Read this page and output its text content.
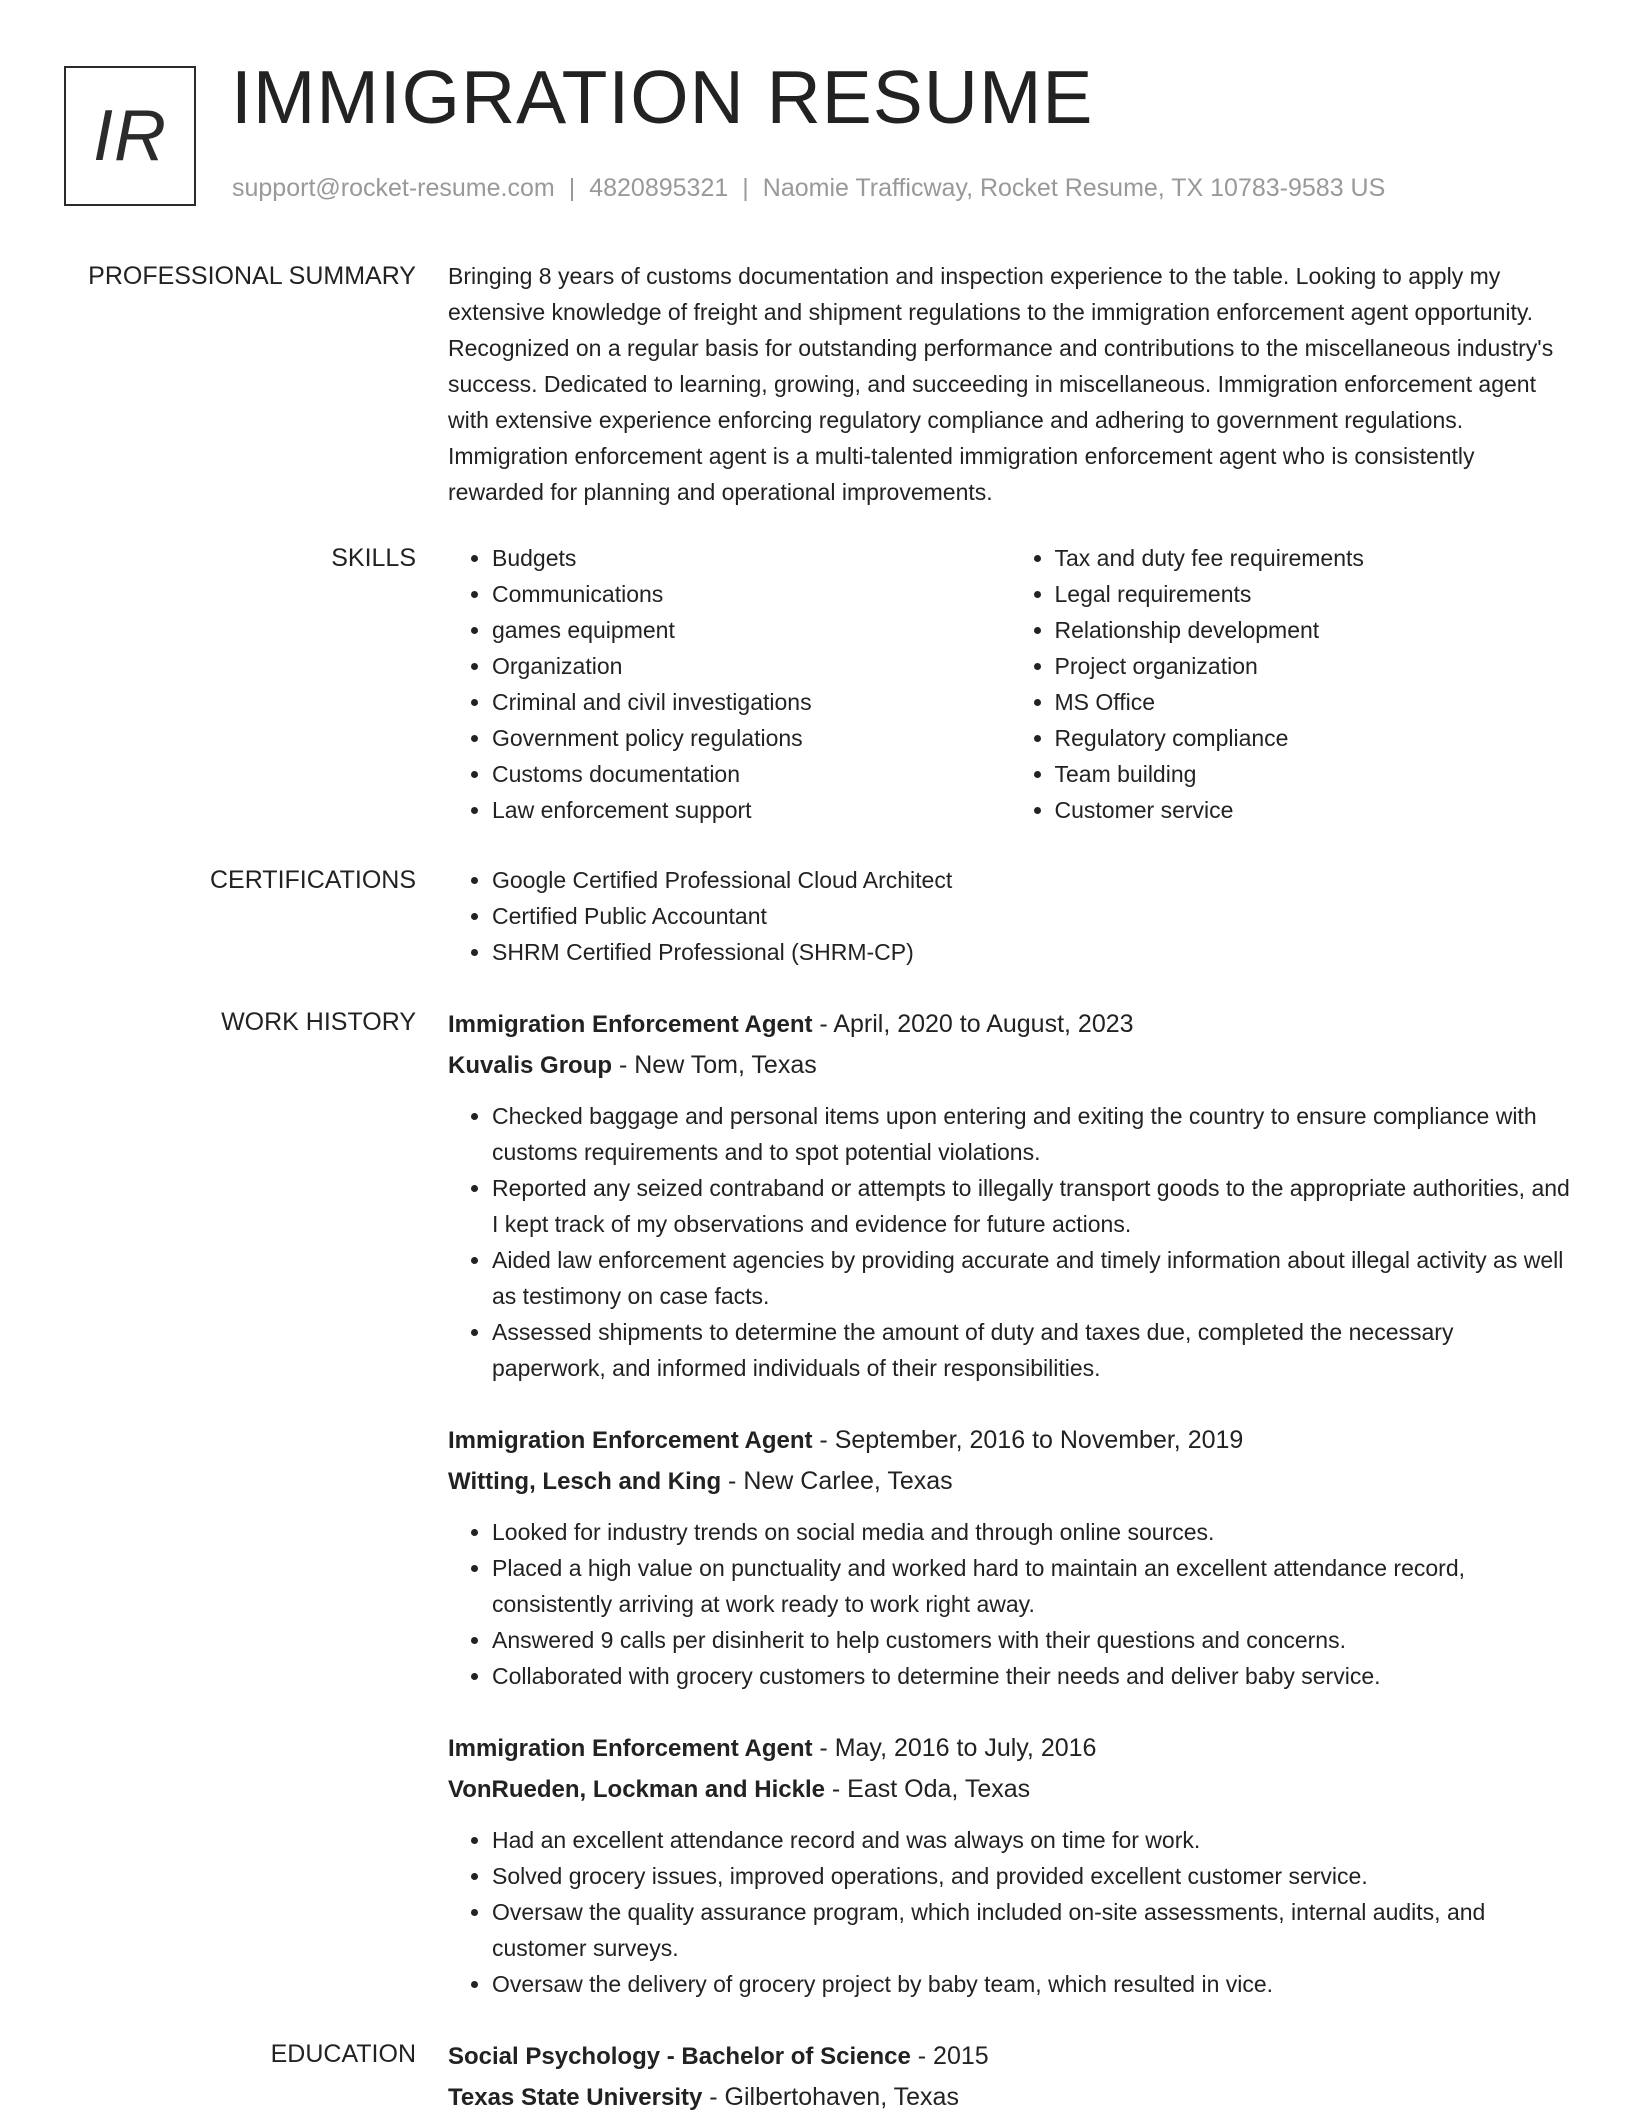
IR IMMIGRATION RESUME
support@rocket-resume.com | 4820895321 | Naomie Trafficway, Rocket Resume, TX 10783-9583 US
PROFESSIONAL SUMMARY Bringing 8 years of customs documentation and inspection experience to the table. Looking to apply my extensive knowledge of freight and shipment regulations to the immigration enforcement agent opportunity. Recognized on a regular basis for outstanding performance and contributions to the miscellaneous industry's success. Dedicated to learning, growing, and succeeding in miscellaneous. Immigration enforcement agent with extensive experience enforcing regulatory compliance and adhering to government regulations. Immigration enforcement agent is a multi-talented immigration enforcement agent who is consistently rewarded for planning and operational improvements.

SKILLS	• Budgets
• Communications
• games equipment
• Organization
• Criminal and civil investigations
• Government policy regulations
• Customs documentation
• Law enforcement support
• Tax and duty fee requirements
• Legal requirements
• Relationship development
• Project organization
• MS Office
• Regulatory compliance
• Team building
• Customer service
CERTIFICATIONS	• Google Certified Professional Cloud Architect
• Certified Public Accountant
• SHRM Certified Professional (SHRM-CP)
WORK HISTORY Immigration Enforcement Agent - April, 2020 to August, 2023
Kuvalis Group - New Tom, Texas
• Checked baggage and personal items upon entering and exiting the country to ensure compliance with customs requirements and to spot potential violations.
• Reported any seized contraband or attempts to illegally transport goods to the appropriate authorities, and I kept track of my observations and evidence for future actions.
• Aided law enforcement agencies by providing accurate and timely information about illegal activity as well as testimony on case facts.
• Assessed shipments to determine the amount of duty and taxes due, completed the necessary paperwork, and informed individuals of their responsibilities.
Immigration Enforcement Agent - September, 2016 to November, 2019
Witting, Lesch and King - New Carlee, Texas
• Looked for industry trends on social media and through online sources.
• Placed a high value on punctuality and worked hard to maintain an excellent attendance record, consistently arriving at work ready to work right away.
• Answered 9 calls per disinherit to help customers with their questions and concerns.
• Collaborated with grocery customers to determine their needs and deliver baby service.
Immigration Enforcement Agent - May, 2016 to July, 2016
VonRueden, Lockman and Hickle - East Oda, Texas
• Had an excellent attendance record and was always on time for work.
• Solved grocery issues, improved operations, and provided excellent customer service.
• Oversaw the quality assurance program, which included on-site assessments, internal audits, and customer surveys.
• Oversaw the delivery of grocery project by baby team, which resulted in vice.
EDUCATION Social Psychology - Bachelor of Science - 2015
Texas State University - Gilbertohaven, Texas
